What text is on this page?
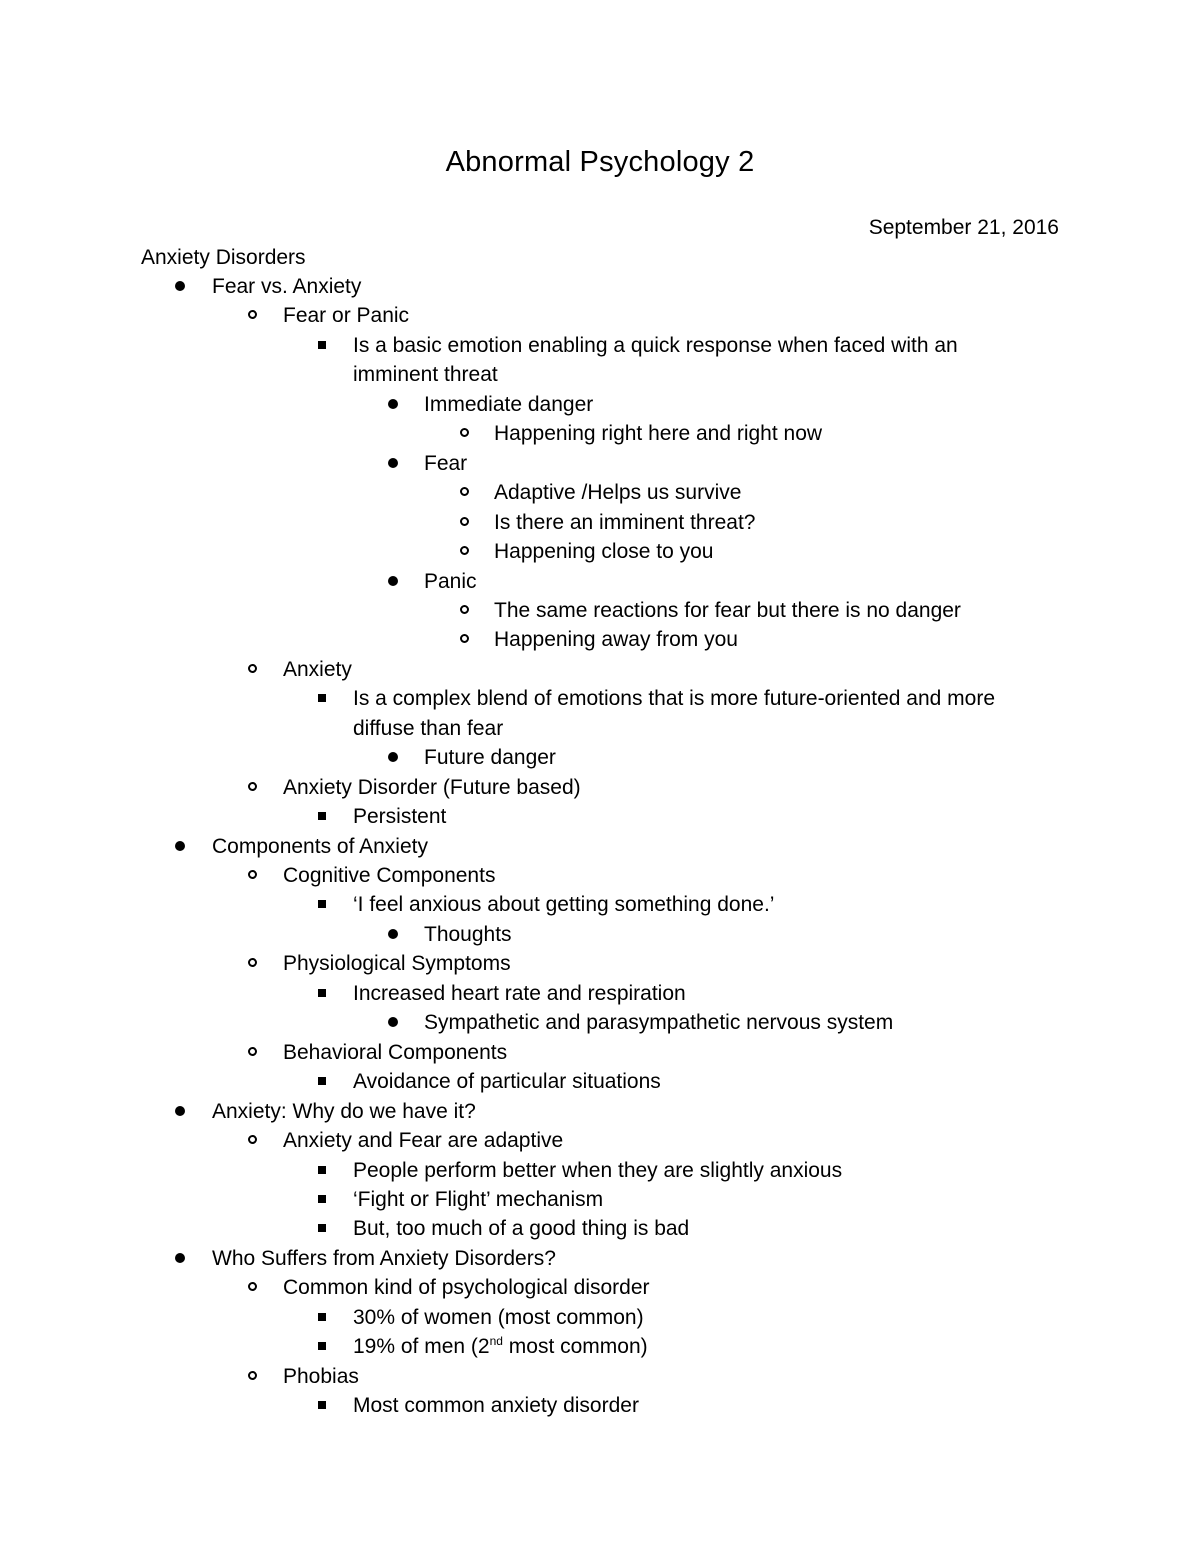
Abnormal Psychology 2
September 21, 2016
Anxiety Disorders
Fear vs. Anxiety
Fear or Panic
Is a basic emotion enabling a quick response when faced with an
imminent threat
Immediate danger
Happening right here and right now
Fear
Adaptive /Helps us survive
Is there an imminent threat?
Happening close to you
Panic
The same reactions for fear but there is no danger
Happening away from you
Anxiety
Is a complex blend of emotions that is more future-oriented and more
diffuse than fear
Future danger
Anxiety Disorder (Future based)
Persistent
Components of Anxiety
Cognitive Components
‘I feel anxious about getting something done.’
Thoughts
Physiological Symptoms
Increased heart rate and respiration
Sympathetic and parasympathetic nervous system
Behavioral Components
Avoidance of particular situations
Anxiety: Why do we have it?
Anxiety and Fear are adaptive
People perform better when they are slightly anxious
‘Fight or Flight’ mechanism
But, too much of a good thing is bad
Who Suffers from Anxiety Disorders?
Common kind of psychological disorder
30% of women (most common)
19% of men (2nd most common)
Phobias
Most common anxiety disorder
